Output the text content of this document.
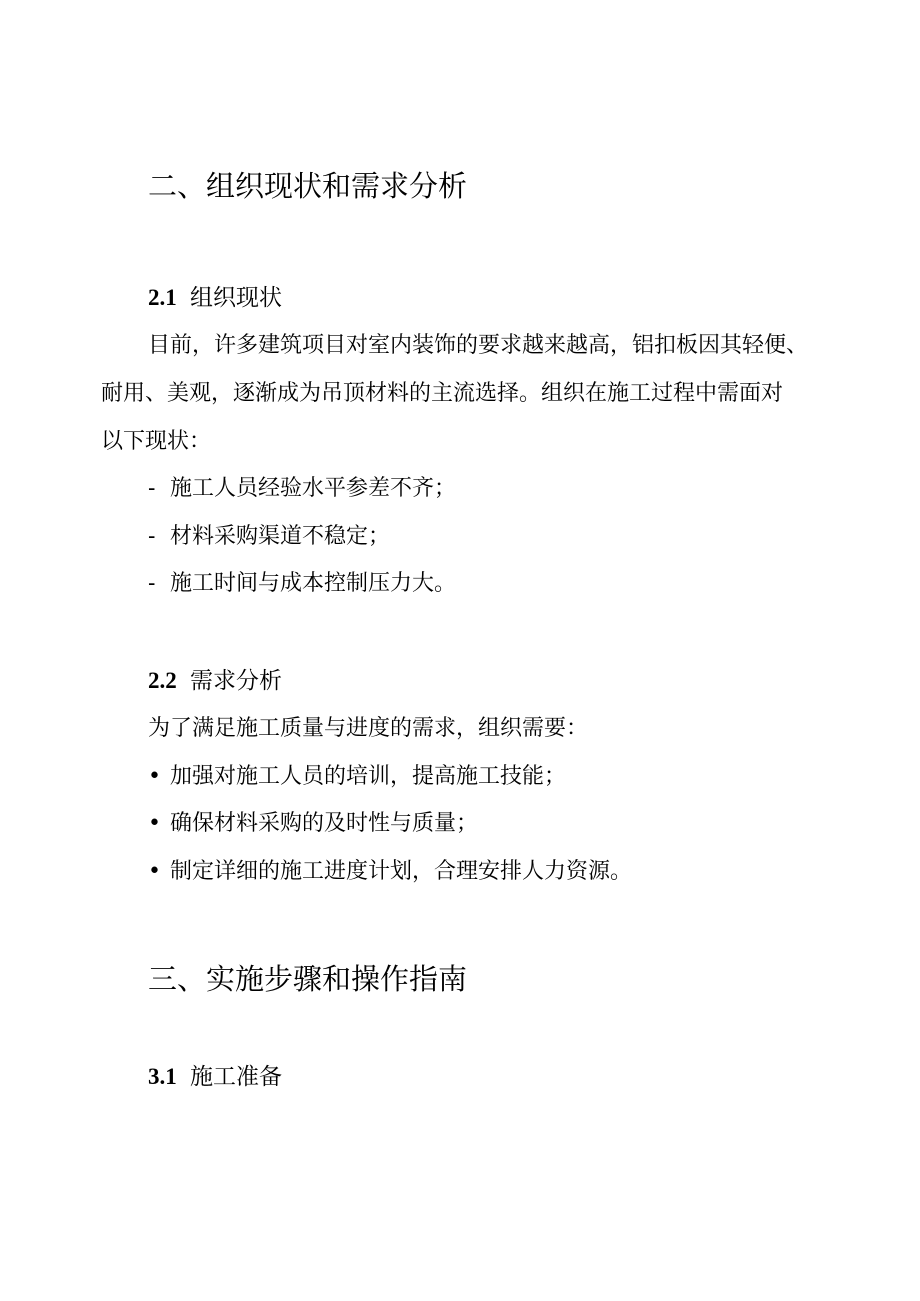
二、组织现状和需求分析
2.1 组织现状
目前，许多建筑项目对室内装饰的要求越来越高，铝扣板因其轻便、
耐用、美观，逐渐成为吊顶材料的主流选择。组织在施工过程中需面对
以下现状：
- 施工人员经验水平参差不齐；
- 材料采购渠道不稳定；
- 施工时间与成本控制压力大。
2.2 需求分析
为了满足施工质量与进度的需求，组织需要：
• 加强对施工人员的培训，提高施工技能；
• 确保材料采购的及时性与质量；
• 制定详细的施工进度计划，合理安排人力资源。
三、实施步骤和操作指南
3.1 施工准备
